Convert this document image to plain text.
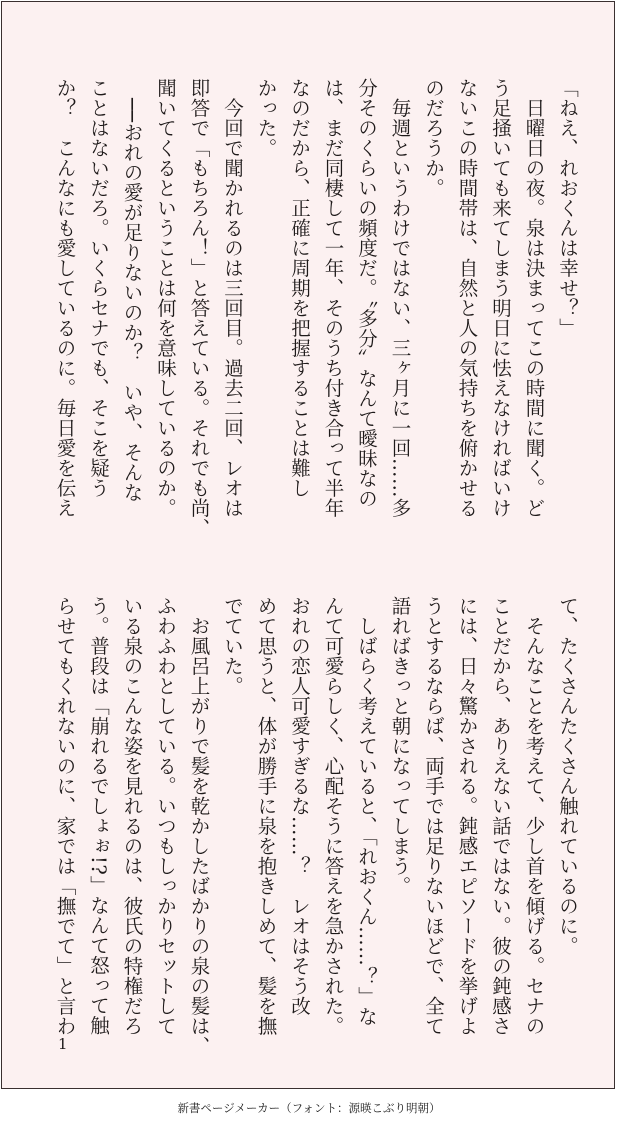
「ねえ、れおくんは幸せ？」
　日曜日の夜。泉は決まってこの時間に聞く。ど
う足掻いても来てしまう明日に怯えなければいけ
ないこの時間帯は、自然と人の気持ちを俯かせる
のだろうか。
　毎週というわけではない、三ヶ月に一回……多
分そのくらいの頻度だ。〝多分〟なんて曖昧なの
は、まだ同棲して一年、そのうち付き合って半年
なのだから、正確に周期を把握することは難し
かった。
　今回で聞かれるのは三回目。過去二回、レオは
即答で「もちろん！」と答えている。それでも尚、
聞いてくるということは何を意味しているのか。
　──おれの愛が足りないのか？　いや、そんな
ことはないだろ。いくらセナでも、そこを疑う
か？　こんなにも愛しているのに。毎日愛を伝え
て、たくさんたくさん触れているのに。
　そんなことを考えて、少し首を傾げる。セナの
ことだから、ありえない話ではない。彼の鈍感さ
には、日々驚かされる。鈍感エピソードを挙げよ
うとするならば、両手では足りないほどで、全て
語ればきっと朝になってしまう。
　しばらく考えていると、「れおくん……？」な
んて可愛らしく、心配そうに答えを急かされた。
おれの恋人可愛すぎるな……？　レオはそう改
めて思うと、体が勝手に泉を抱きしめて、髪を撫
でていた。
　お風呂上がりで髪を乾かしたばかりの泉の髪は、
ふわふわとしている。いつもしっかりセットして
いる泉のこんな姿を見れるのは、彼氏の特権だろ
う。普段は「崩れるでしょぉ!?」なんて怒って触
らせてもくれないのに、家では「撫でて」と言わ
1
新書ページメーカー（フォント：源暎こぶり明朝）
